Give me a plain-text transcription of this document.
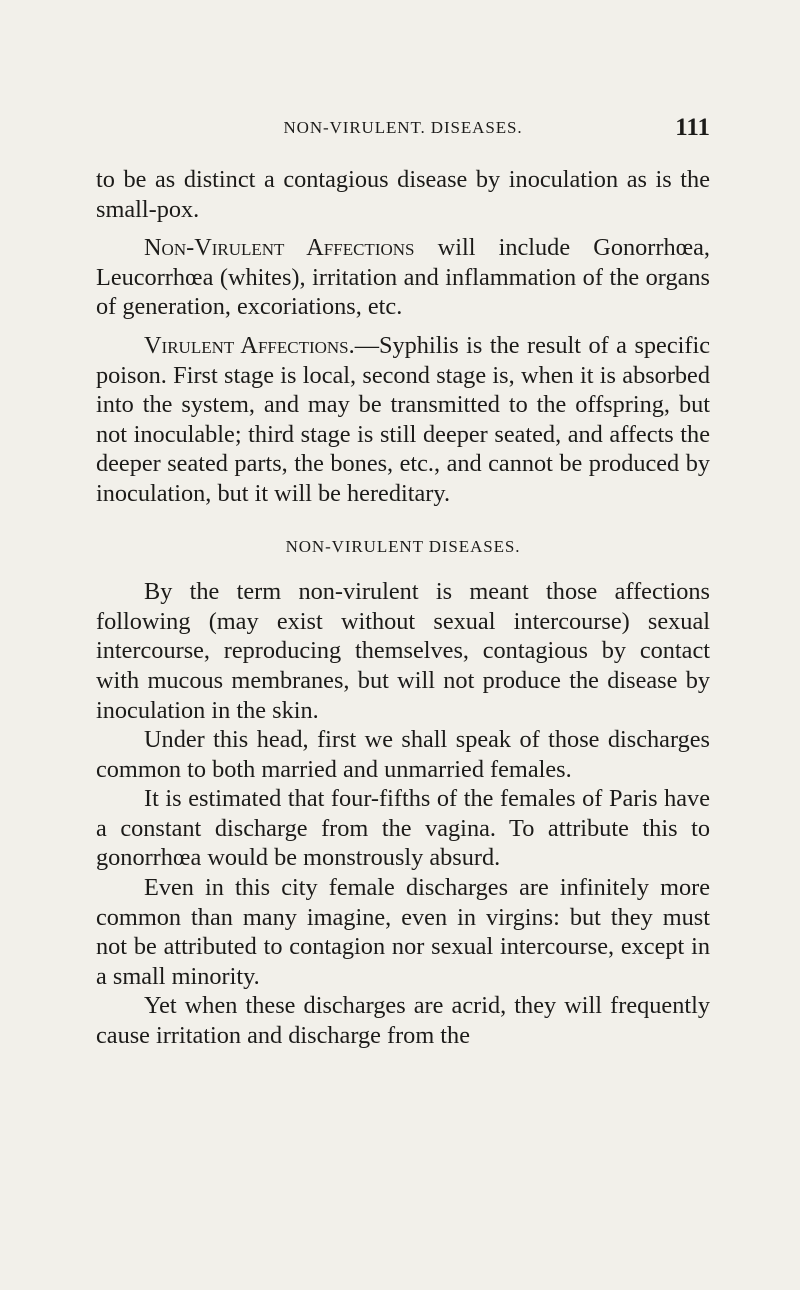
NON-VIRULENT. DISEASES.	111

to be as distinct a contagious disease by inoculation as is the small-pox.

Non-Virulent Affections will include Gonorrhœa, Leucorrhœa (whites), irritation and inflammation of the organs of generation, excoriations, etc.

Virulent Affections.—Syphilis is the result of a specific poison. First stage is local, second stage is, when it is absorbed into the system, and may be transmitted to the offspring, but not inoculable; third stage is still deeper seated, and affects the deeper seated parts, the bones, etc., and cannot be produced by inoculation, but it will be hereditary.

NON-VIRULENT DISEASES.

By the term non-virulent is meant those affections following (may exist without sexual intercourse) sexual intercourse, reproducing themselves, contagious by contact with mucous membranes, but will not produce the disease by inoculation in the skin.

Under this head, first we shall speak of those discharges common to both married and unmarried females.

It is estimated that four-fifths of the females of Paris have a constant discharge from the vagina. To attribute this to gonorrhœa would be monstrously absurd.

Even in this city female discharges are infinitely more common than many imagine, even in virgins: but they must not be attributed to contagion nor sexual intercourse, except in a small minority.

Yet when these discharges are acrid, they will frequently cause irritation and discharge from the
